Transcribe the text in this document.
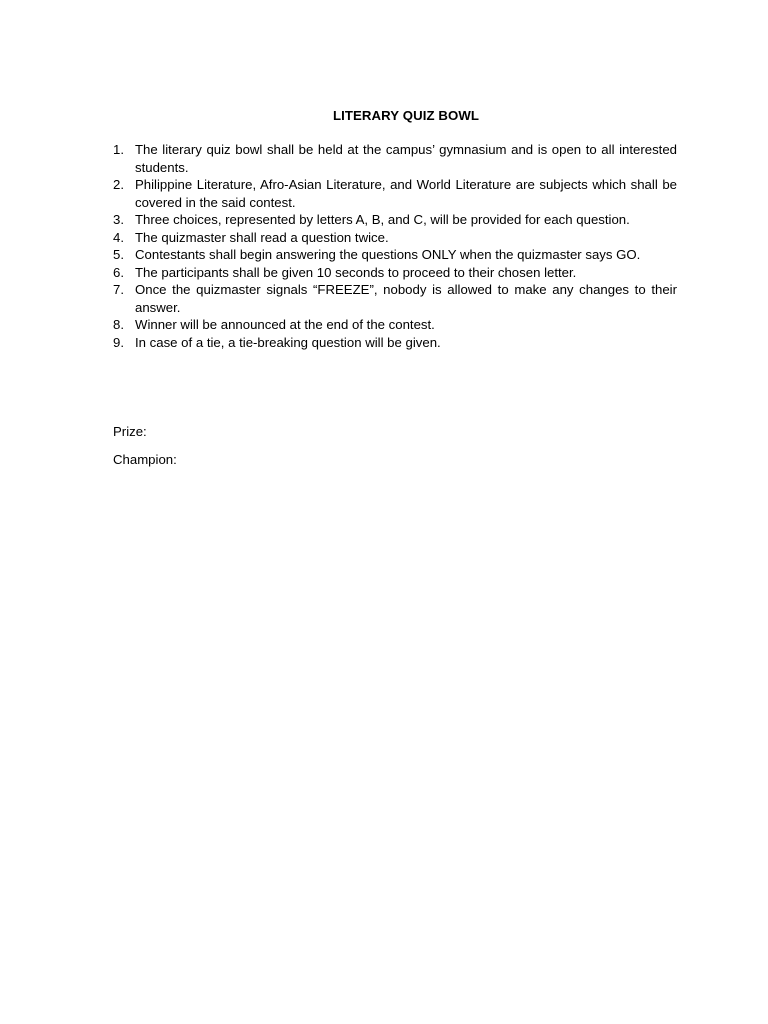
LITERARY QUIZ BOWL
1. The literary quiz bowl shall be held at the campus’ gymnasium and is open to all interested students.
2. Philippine Literature, Afro-Asian Literature, and World Literature are subjects which shall be covered in the said contest.
3. Three choices, represented by letters A, B, and C, will be provided for each question.
4. The quizmaster shall read a question twice.
5. Contestants shall begin answering the questions ONLY when the quizmaster says GO.
6. The participants shall be given 10 seconds to proceed to their chosen letter.
7. Once the quizmaster signals “FREEZE”, nobody is allowed to make any changes to their answer.
8. Winner will be announced at the end of the contest.
9. In case of a tie, a tie-breaking question will be given.
Prize:
Champion:
